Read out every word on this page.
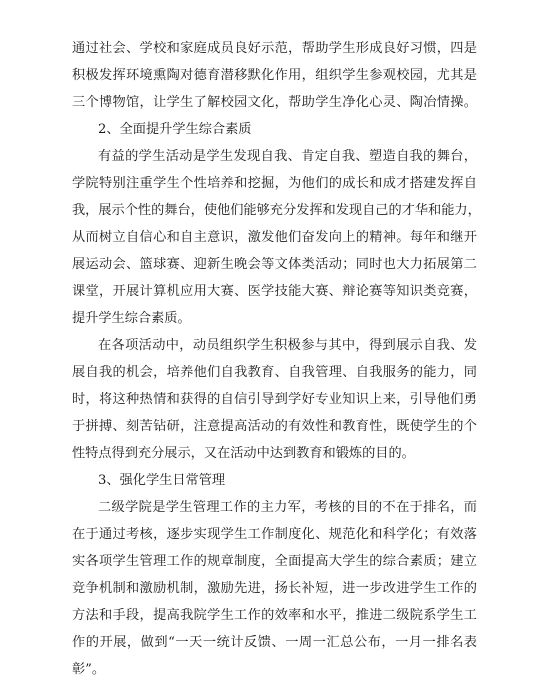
通过社会、学校和家庭成员良好示范，帮助学生形成良好习惯，四是
积极发挥环境熏陶对德育潜移默化作用，组织学生参观校园，尤其是
三个博物馆，让学生了解校园文化，帮助学生净化心灵、陶冶情操。
2、全面提升学生综合素质
有益的学生活动是学生发现自我、肯定自我、塑造自我的舞台，
学院特别注重学生个性培养和挖掘，为他们的成长和成才搭建发挥自
我，展示个性的舞台，使他们能够充分发挥和发现自己的才华和能力，
从而树立自信心和自主意识，激发他们奋发向上的精神。每年和继开
展运动会、篮球赛、迎新生晚会等文体类活动；同时也大力拓展第二
课堂，开展计算机应用大赛、医学技能大赛、辩论赛等知识类竞赛，
提升学生综合素质。
在各项活动中，动员组织学生积极参与其中，得到展示自我、发
展自我的机会，培养他们自我教育、自我管理、自我服务的能力，同
时，将这种热情和获得的自信引导到学好专业知识上来，引导他们勇
于拼搏、刻苦钻研，注意提高活动的有效性和教育性，既使学生的个
性特点得到充分展示，又在活动中达到教育和锻炼的目的。
3、强化学生日常管理
二级学院是学生管理工作的主力军，考核的目的不在于排名，而
在于通过考核，逐步实现学生工作制度化、规范化和科学化；有效落
实各项学生管理工作的规章制度，全面提高大学生的综合素质；建立
竞争机制和激励机制，激励先进，扬长补短，进一步改进学生工作的
方法和手段，提高我院学生工作的效率和水平，推进二级院系学生工
作的开展，做到“一天一统计反馈、一周一汇总公布，一月一排名表
彰”。
